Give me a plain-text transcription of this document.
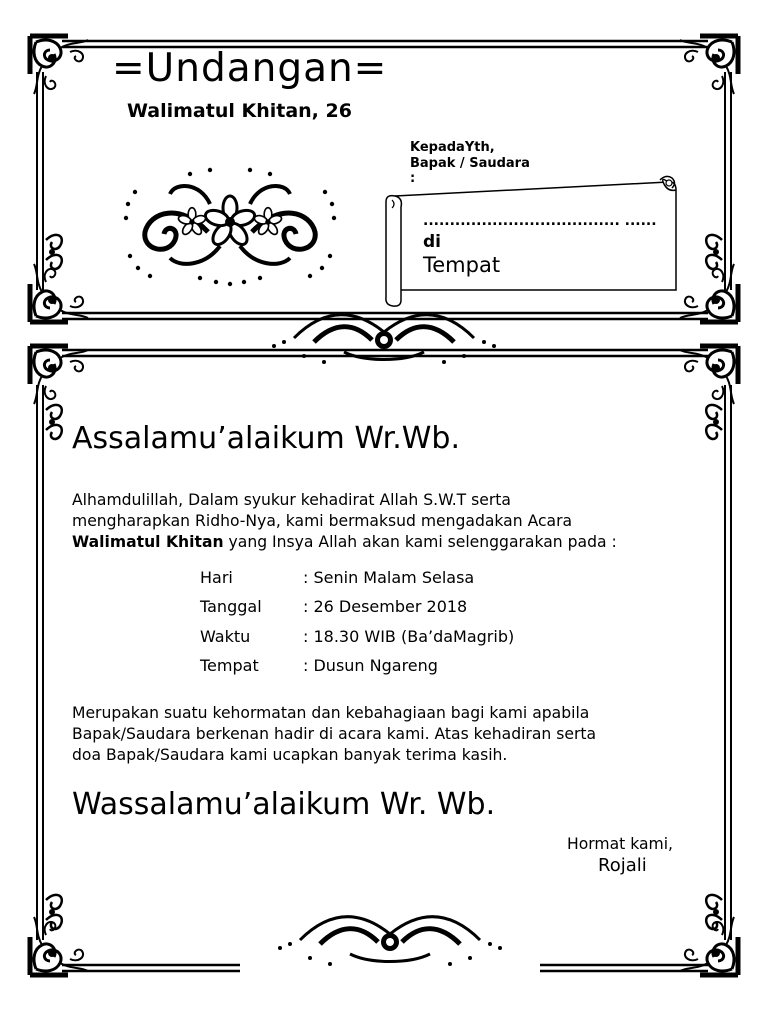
=Undangan=
Walimatul Khitan, 26
KepadaYth,
Bapak / Saudara
:
..................................... ......
di
Tempat
Assalamu’alaikum Wr.Wb.
Alhamdulillah, Dalam syukur kehadirat Allah S.W.T serta
mengharapkan Ridho-Nya, kami bermaksud mengadakan Acara
Walimatul Khitan yang Insya Allah akan kami selenggarakan pada :
Hari	: Senin Malam Selasa
Tanggal	: 26 Desember 2018
Waktu	: 18.30 WIB (Ba’daMagrib)
Tempat	: Dusun Ngareng
Merupakan suatu kehormatan dan kebahagiaan bagi kami apabila
Bapak/Saudara berkenan hadir di acara kami. Atas kehadiran serta
doa Bapak/Saudara kami ucapkan banyak terima kasih.
Wassalamu’alaikum Wr. Wb.
Hormat kami,
Rojali
